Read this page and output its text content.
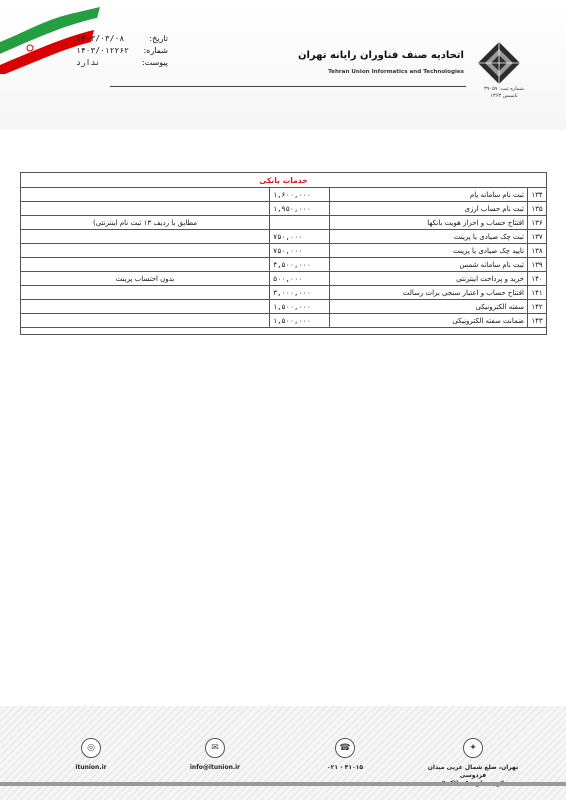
تاریخ:
۱۴۰۳/۰۳/۰۸
شماره:
۱۴۰۳/۰۱۲۲۶۲
پیوست:
ندارد
اتحادیه صنف فناوران رایانه تهران
Tehran Union Informatics and Technologies
شماره ثبت: ۳۹۰۵۷
تاسیس ۱۳۶۳
خدمات بانکی			
۱۳۴	ثبت نام سامانه یام	۱,۶۰۰,۰۰۰	
۱۳۵	ثبت نام حساب ارزی	۱,۹۵۰,۰۰۰	
۱۳۶	افتتاح حساب و احراز هویت بانکها		مطابق با ردیف ۱۳ ثبت نام اینترنتی)
۱۳۷	ثبت چک صیادی یا پرینت	۷۵۰,۰۰۰	
۱۳۸	تایید چک صیادی یا پرینت	۷۵۰,۰۰۰	
۱۳۹	ثبت نام سامانه شمس	۴,۵۰۰,۰۰۰	
۱۴۰	خرید و پرداخت اینترنتی	۵۰۰,۰۰۰	بدون احتساب پرینت
۱۴۱	افتتاح حساب و اعتبار سنجی برات رسالت	۳,۰۰۰,۰۰۰	
۱۴۲	سفته الکترونیکی	۱,۵۰۰,۰۰۰	
۱۴۳	ضمانت سفته الکترونیکی	۱,۵۰۰,۰۰۰	

◎
itunion.ir
✉
info@itunion.ir
☎
۰۲۱ - ۴۱۰۱۵
✦
تهران، ضلع شمال غربی میدان فردوسی
